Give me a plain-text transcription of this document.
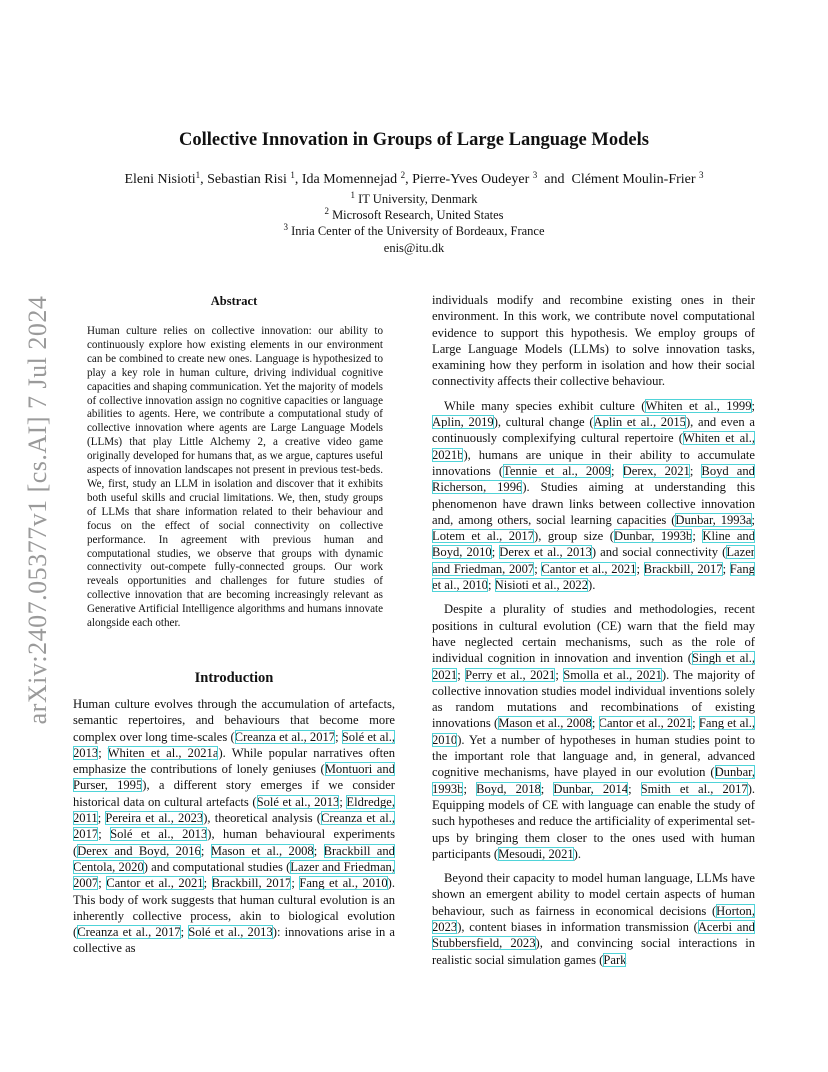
arXiv:2407.05377v1 [cs.AI] 7 Jul 2024
Collective Innovation in Groups of Large Language Models
Eleni Nisioti$^1$, Sebastian Risi $^1$, Ida Momennejad $^2$, Pierre-Yves Oudeyer $^3$  and  Clément Moulin-Frier $^3$
$^1$ IT University, Denmark
$^2$ Microsoft Research, United States
$^3$ Inria Center of the University of Bordeaux, France
enis@itu.dk
Abstract
Human culture relies on collective innovation: our ability to continuously explore how existing elements in our environment can be combined to create new ones. Language is hypothesized to play a key role in human culture, driving individual cognitive capacities and shaping communication. Yet the majority of models of collective innovation assign no cognitive capacities or language abilities to agents. Here, we contribute a computational study of collective innovation where agents are Large Language Models (LLMs) that play Little Alchemy 2, a creative video game originally developed for humans that, as we argue, captures useful aspects of innovation landscapes not present in previous test-beds. We, first, study an LLM in isolation and discover that it exhibits both useful skills and crucial limitations. We, then, study groups of LLMs that share information related to their behaviour and focus on the effect of social connectivity on collective performance. In agreement with previous human and computational studies, we observe that groups with dynamic connectivity out-compete fully-connected groups. Our work reveals opportunities and challenges for future studies of collective innovation that are becoming increasingly relevant as Generative Artificial Intelligence algorithms and humans innovate alongside each other.
Introduction

Human culture evolves through the accumulation of artefacts, semantic repertoires, and behaviours that become more complex over long time-scales (Creanza et al., 2017; Solé et al., 2013; Whiten et al., 2021a). While popular narratives often emphasize the contributions of lonely geniuses (Montuori and Purser, 1995), a different story emerges if we consider historical data on cultural artefacts (Solé et al., 2013; Eldredge, 2011; Pereira et al., 2023), theoretical analysis (Creanza et al., 2017; Solé et al., 2013), human behavioural experiments (Derex and Boyd, 2016; Mason et al., 2008; Brackbill and Centola, 2020) and computational studies (Lazer and Friedman, 2007; Cantor et al., 2021; Brackbill, 2017; Fang et al., 2010). This body of work suggests that human cultural evolution is an inherently collective process, akin to biological evolution (Creanza et al., 2017; Solé et al., 2013): innovations arise in a collective as

individuals modify and recombine existing ones in their environment. In this work, we contribute novel computational evidence to support this hypothesis. We employ groups of Large Language Models (LLMs) to solve innovation tasks, examining how they perform in isolation and how their social connectivity affects their collective behaviour.

While many species exhibit culture (Whiten et al., 1999; Aplin, 2019), cultural change (Aplin et al., 2015), and even a continuously complexifying cultural repertoire (Whiten et al., 2021b), humans are unique in their ability to accumulate innovations (Tennie et al., 2009; Derex, 2021; Boyd and Richerson, 1996). Studies aiming at understanding this phenomenon have drawn links between collective innovation and, among others, social learning capacities (Dunbar, 1993a; Lotem et al., 2017), group size (Dunbar, 1993b; Kline and Boyd, 2010; Derex et al., 2013) and social connectivity (Lazer and Friedman, 2007; Cantor et al., 2021; Brackbill, 2017; Fang et al., 2010; Nisioti et al., 2022).

Despite a plurality of studies and methodologies, recent positions in cultural evolution (CE) warn that the field may have neglected certain mechanisms, such as the role of individual cognition in innovation and invention (Singh et al., 2021; Perry et al., 2021; Smolla et al., 2021). The majority of collective innovation studies model individual inventions solely as random mutations and recombinations of existing innovations (Mason et al., 2008; Cantor et al., 2021; Fang et al., 2010). Yet a number of hypotheses in human studies point to the important role that language and, in general, advanced cognitive mechanisms, have played in our evolution (Dunbar, 1993b; Boyd, 2018; Dunbar, 2014; Smith et al., 2017). Equipping models of CE with language can enable the study of such hypotheses and reduce the artificiality of experimental set-ups by bringing them closer to the ones used with human participants (Mesoudi, 2021).

Beyond their capacity to model human language, LLMs have shown an emergent ability to model certain aspects of human behaviour, such as fairness in economical decisions (Horton, 2023), content biases in information transmission (Acerbi and Stubbersfield, 2023), and convincing social interactions in realistic social simulation games (Park
